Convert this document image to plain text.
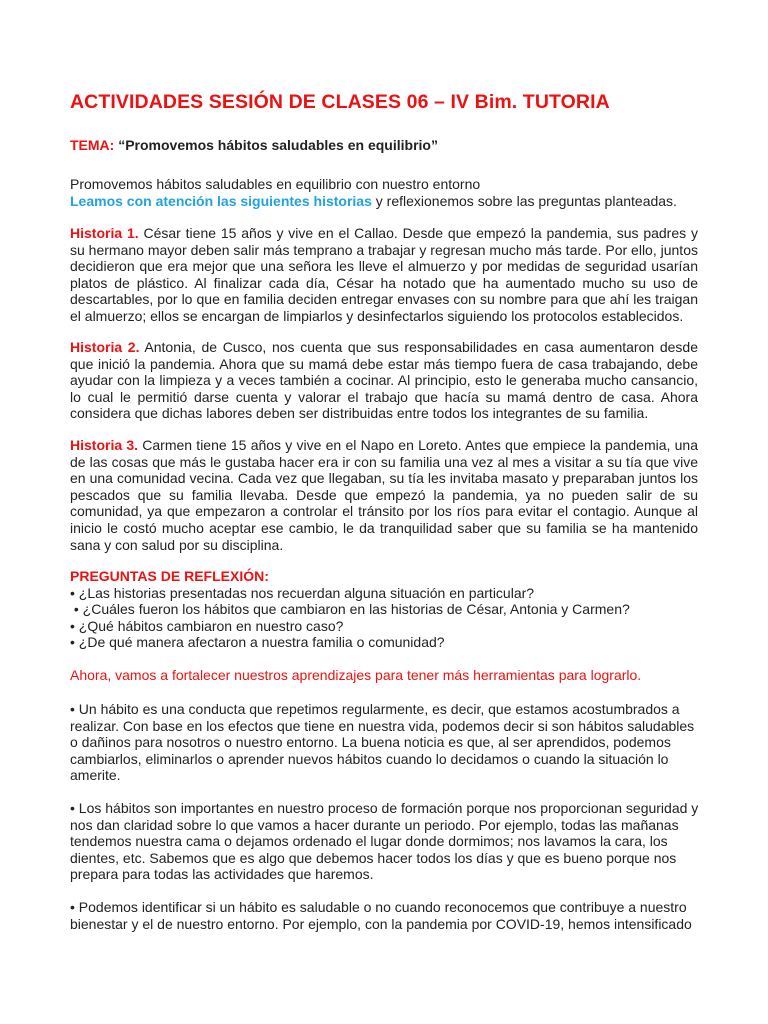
ACTIVIDADES SESIÓN DE CLASES 06 – IV Bim. TUTORIA
TEMA: “Promovemos hábitos saludables en equilibrio”
Promovemos hábitos saludables en equilibrio con nuestro entorno
Leamos con atención las siguientes historias y reflexionemos sobre las preguntas planteadas.
Historia 1. César tiene 15 años y vive en el Callao. Desde que empezó la pandemia, sus padres y su hermano mayor deben salir más temprano a trabajar y regresan mucho más tarde. Por ello, juntos decidieron que era mejor que una señora les lleve el almuerzo y por medidas de seguridad usarían platos de plástico. Al finalizar cada día, César ha notado que ha aumentado mucho su uso de descartables, por lo que en familia deciden entregar envases con su nombre para que ahí les traigan el almuerzo; ellos se encargan de limpiarlos y desinfectarlos siguiendo los protocolos establecidos.
Historia 2. Antonia, de Cusco, nos cuenta que sus responsabilidades en casa aumentaron desde que inició la pandemia. Ahora que su mamá debe estar más tiempo fuera de casa trabajando, debe ayudar con la limpieza y a veces también a cocinar. Al principio, esto le generaba mucho cansancio, lo cual le permitió darse cuenta y valorar el trabajo que hacía su mamá dentro de casa. Ahora considera que dichas labores deben ser distribuidas entre todos los integrantes de su familia.
Historia 3. Carmen tiene 15 años y vive en el Napo en Loreto. Antes que empiece la pandemia, una de las cosas que más le gustaba hacer era ir con su familia una vez al mes a visitar a su tía que vive en una comunidad vecina. Cada vez que llegaban, su tía les invitaba masato y preparaban juntos los pescados que su familia llevaba. Desde que empezó la pandemia, ya no pueden salir de su comunidad, ya que empezaron a controlar el tránsito por los ríos para evitar el contagio. Aunque al inicio le costó mucho aceptar ese cambio, le da tranquilidad saber que su familia se ha mantenido sana y con salud por su disciplina.
PREGUNTAS DE REFLEXIÓN:
• ¿Las historias presentadas nos recuerdan alguna situación en particular?
• ¿Cuáles fueron los hábitos que cambiaron en las historias de César, Antonia y Carmen?
• ¿Qué hábitos cambiaron en nuestro caso?
• ¿De qué manera afectaron a nuestra familia o comunidad?
Ahora, vamos a fortalecer nuestros aprendizajes para tener más herramientas para lograrlo.
• Un hábito es una conducta que repetimos regularmente, es decir, que estamos acostumbrados a
realizar. Con base en los efectos que tiene en nuestra vida, podemos decir si son hábitos saludables
o dañinos para nosotros o nuestro entorno. La buena noticia es que, al ser aprendidos, podemos
cambiarlos, eliminarlos o aprender nuevos hábitos cuando lo decidamos o cuando la situación lo
amerite.
• Los hábitos son importantes en nuestro proceso de formación porque nos proporcionan seguridad y
nos dan claridad sobre lo que vamos a hacer durante un periodo. Por ejemplo, todas las mañanas
tendemos nuestra cama o dejamos ordenado el lugar donde dormimos; nos lavamos la cara, los
dientes, etc. Sabemos que es algo que debemos hacer todos los días y que es bueno porque nos
prepara para todas las actividades que haremos.
• Podemos identificar si un hábito es saludable o no cuando reconocemos que contribuye a nuestro
bienestar y el de nuestro entorno. Por ejemplo, con la pandemia por COVID-19, hemos intensificado
